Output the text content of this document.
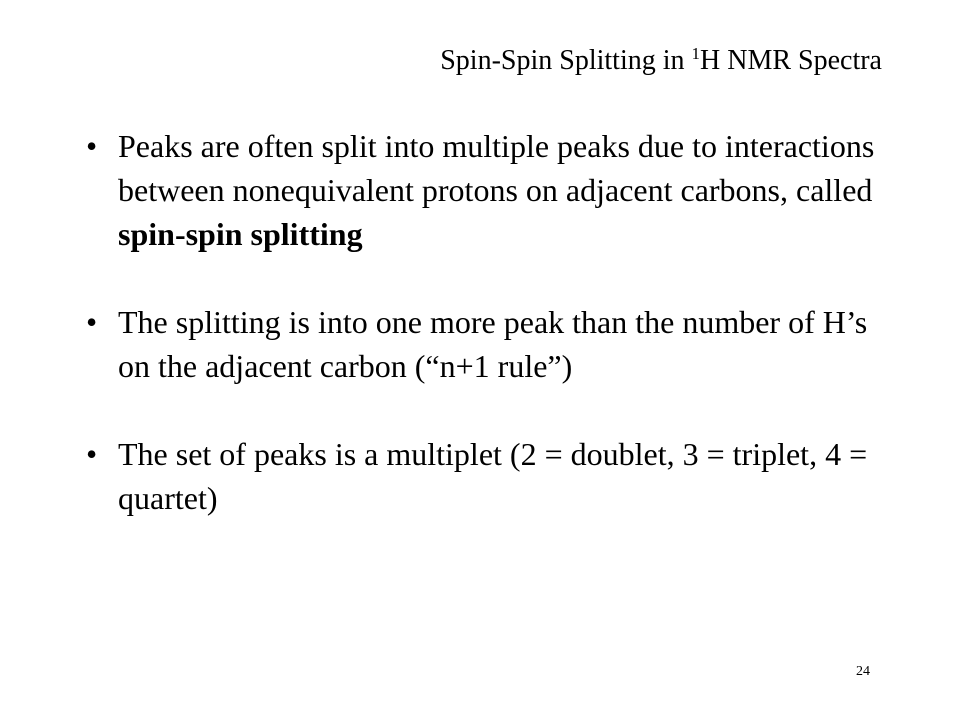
Spin-Spin Splitting in $^1$H NMR Spectra
• Peaks are often split into multiple peaks due to interactions between nonequivalent protons on adjacent carbons, called spin-spin splitting
• The splitting is into one more peak than the number of H’s on the adjacent carbon (“n+1 rule”)
• The set of peaks is a multiplet (2 = doublet, 3 = triplet, 4 = quartet)
24
